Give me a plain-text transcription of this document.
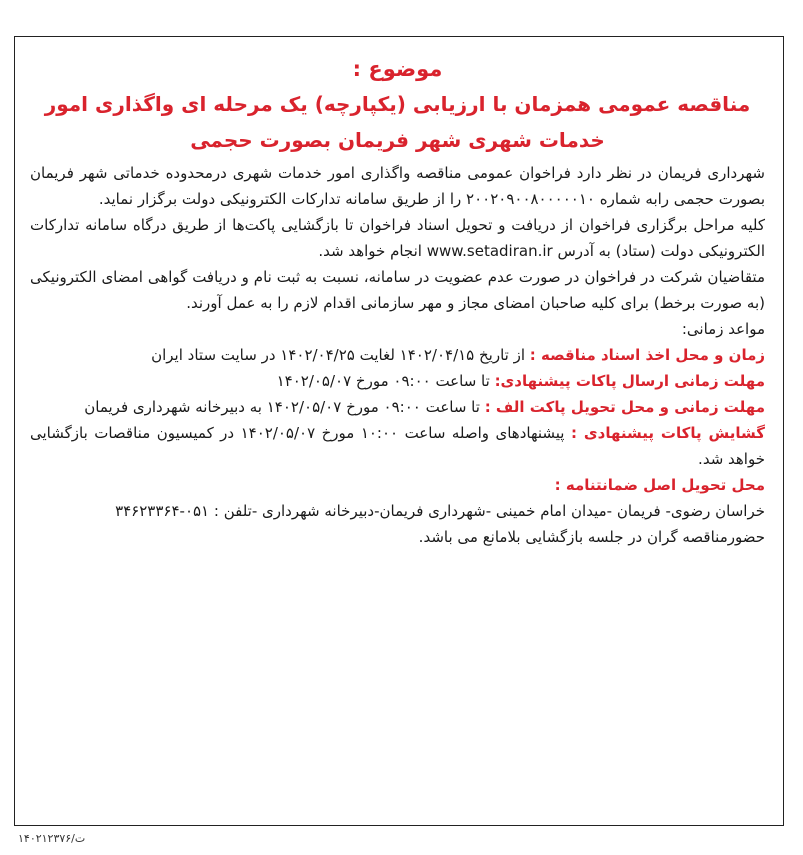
موضوع :
مناقصه عمومی همزمان با ارزیابی (یکپارچه) یک مرحله ای واگذاری امور
خدمات شهری شهر فریمان بصورت حجمی

شهرداری فریمان در نظر دارد فراخوان عمومی مناقصه واگذاری امور خدمات شهری درمحدوده خدماتی شهر فریمان بصورت حجمی رابه شماره ۲۰۰۲۰۹۰۰۸۰۰۰۰۰۱۰ را از طریق سامانه تدارکات الکترونیکی دولت برگزار نماید.

کلیه مراحل برگزاری فراخوان از دریافت و تحویل اسناد فراخوان تا بازگشایی پاکت‌ها از طریق درگاه سامانه تدارکات الکترونیکی دولت (ستاد) به آدرس www.setadiran.ir انجام خواهد شد.

متقاضیان شرکت در فراخوان در صورت عدم عضویت در سامانه، نسبت به ثبت نام و دریافت گواهی امضای الکترونیکی (به صورت برخط) برای کلیه صاحبان امضای مجاز و مهر سازمانی اقدام لازم را به عمل آورند.

مواعد زمانی:

زمان و محل اخذ اسناد مناقصه : از تاریخ ۱۴۰۲/۰۴/۱۵ لغایت ۱۴۰۲/۰۴/۲۵ در سایت ستاد ایران

مهلت زمانی ارسال پاکات پیشنهادی: تا ساعت ۰۹:۰۰ مورخ ۱۴۰۲/۰۵/۰۷

مهلت زمانی و محل تحویل پاکت الف : تا ساعت ۰۹:۰۰ مورخ ۱۴۰۲/۰۵/۰۷ به دبیرخانه شهرداری فریمان

گشایش پاکات پیشنهادی : پیشنهادهای واصله ساعت ۱۰:۰۰ مورخ ۱۴۰۲/۰۵/۰۷ در کمیسیون مناقصات بازگشایی خواهد شد.

محل تحویل اصل ضمانتنامه :

خراسان رضوی- فریمان -میدان امام خمینی -شهرداری فریمان-دبیرخانه شهرداری -تلفن : ۰۵۱-۳۴۶۲۳۳۶۴

حضورمناقصه گران در جلسه بازگشایی بلامانع می باشد.

۱۴۰۲۱۲۳۷۶/ت
